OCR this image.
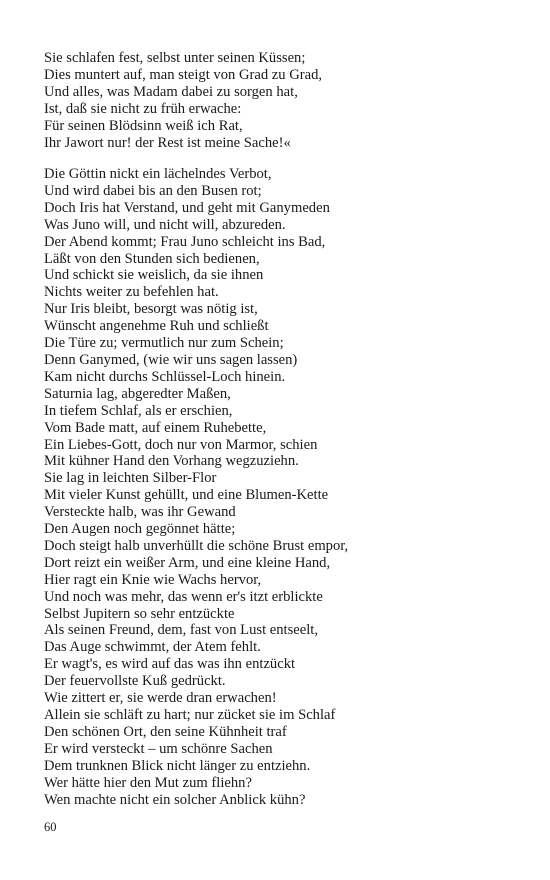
Sie schlafen fest, selbst unter seinen Küssen;
Dies muntert auf, man steigt von Grad zu Grad,
Und alles, was Madam dabei zu sorgen hat,
Ist, daß sie nicht zu früh erwache:
Für seinen Blödsinn weiß ich Rat,
Ihr Jawort nur! der Rest ist meine Sache!«
Die Göttin nickt ein lächelndes Verbot,
Und wird dabei bis an den Busen rot;
Doch Iris hat Verstand, und geht mit Ganymeden
Was Juno will, und nicht will, abzureden.
Der Abend kommt; Frau Juno schleicht ins Bad,
Läßt von den Stunden sich bedienen,
Und schickt sie weislich, da sie ihnen
Nichts weiter zu befehlen hat.
Nur Iris bleibt, besorgt was nötig ist,
Wünscht angenehme Ruh und schließt
Die Türe zu; vermutlich nur zum Schein;
Denn Ganymed, (wie wir uns sagen lassen)
Kam nicht durchs Schlüssel-Loch hinein.
Saturnia lag, abgeredter Maßen,
In tiefem Schlaf, als er erschien,
Vom Bade matt, auf einem Ruhebette,
Ein Liebes-Gott, doch nur von Marmor, schien
Mit kühner Hand den Vorhang wegzuziehn.
Sie lag in leichten Silber-Flor
Mit vieler Kunst gehüllt, und eine Blumen-Kette
Versteckte halb, was ihr Gewand
Den Augen noch gegönnet hätte;
Doch steigt halb unverhüllt die schöne Brust empor,
Dort reizt ein weißer Arm, und eine kleine Hand,
Hier ragt ein Knie wie Wachs hervor,
Und noch was mehr, das wenn er's itzt erblickte
Selbst Jupitern so sehr entzückte
Als seinen Freund, dem, fast von Lust entseelt,
Das Auge schwimmt, der Atem fehlt.
Er wagt's, es wird auf das was ihn entzückt
Der feuervollste Kuß gedrückt.
Wie zittert er, sie werde dran erwachen!
Allein sie schläft zu hart; nur zücket sie im Schlaf
Den schönen Ort, den seine Kühnheit traf
Er wird versteckt – um schönre Sachen
Dem trunknen Blick nicht länger zu entziehn.
Wer hätte hier den Mut zum fliehn?
Wen machte nicht ein solcher Anblick kühn?
60
